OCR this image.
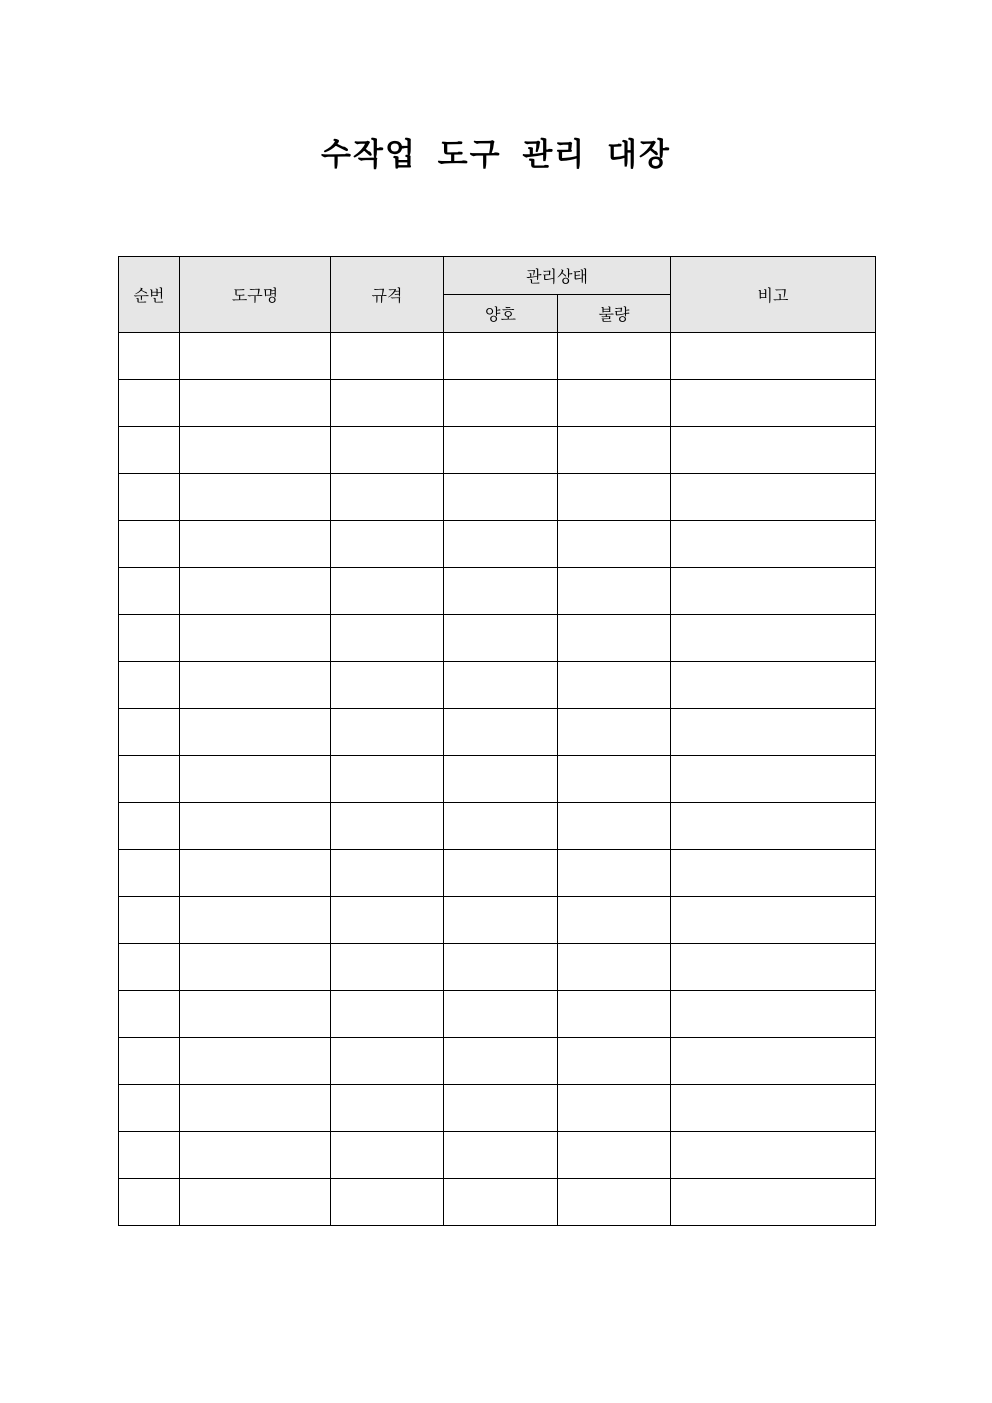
수작업 도구 관리 대장
순번	도구명	규격	관리상태		비고
			양호	불량	
